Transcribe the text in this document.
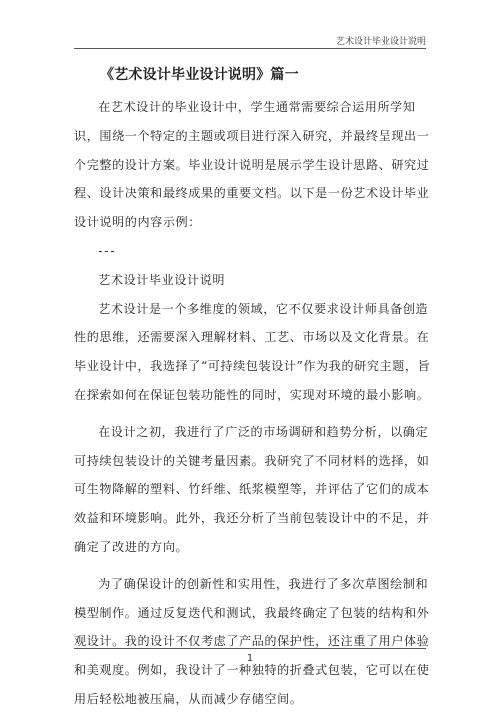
艺术设计毕业设计说明
《艺术设计毕业设计说明》篇一

在艺术设计的毕业设计中，学生通常需要综合运用所学知识，围绕一个特定的主题或项目进行深入研究，并最终呈现出一个完整的设计方案。毕业设计说明是展示学生设计思路、研究过程、设计决策和最终成果的重要文档。以下是一份艺术设计毕业设计说明的内容示例：

---

艺术设计毕业设计说明

艺术设计是一个多维度的领域，它不仅要求设计师具备创造性的思维，还需要深入理解材料、工艺、市场以及文化背景。在毕业设计中，我选择了“可持续包装设计”作为我的研究主题，旨在探索如何在保证包装功能性的同时，实现对环境的最小影响。

在设计之初，我进行了广泛的市场调研和趋势分析，以确定可持续包装设计的关键考量因素。我研究了不同材料的选择，如可生物降解的塑料、竹纤维、纸浆模塑等，并评估了它们的成本效益和环境影响。此外，我还分析了当前包装设计中的不足，并确定了改进的方向。

为了确保设计的创新性和实用性，我进行了多次草图绘制和模型制作。通过反复迭代和测试，我最终确定了包装的结构和外观设计。我的设计不仅考虑了产品的保护性，还注重了用户体验和美观度。例如，我设计了一种独特的折叠式包装，它可以在使用后轻松地被压扁，从而减少存储空间。

1
